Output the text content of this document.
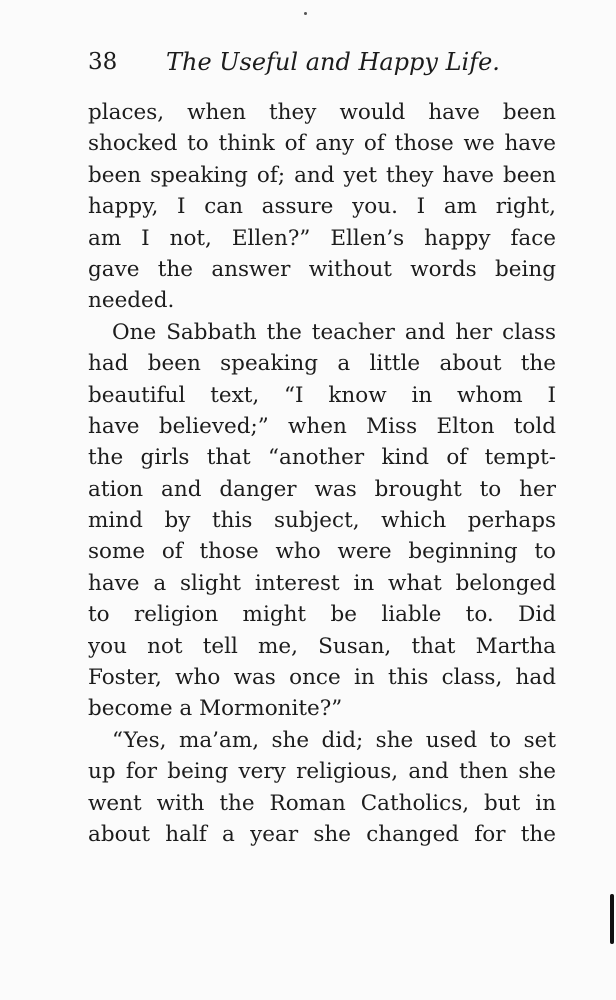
38 The Useful and Happy Life.
places, when they would have been
shocked to think of any of those we have
been speaking of; and yet they have been
happy, I can assure you. I am right,
am I not, Ellen?” Ellen’s happy face
gave the answer without words being
needed.
One Sabbath the teacher and her class
had been speaking a little about the
beautiful text, “I know in whom I
have believed;” when Miss Elton told
the girls that “another kind of tempt-
ation and danger was brought to her
mind by this subject, which perhaps
some of those who were beginning to
have a slight interest in what belonged
to religion might be liable to. Did
you not tell me, Susan, that Martha
Foster, who was once in this class, had
become a Mormonite?”
“Yes, ma’am, she did; she used to set
up for being very religious, and then she
went with the Roman Catholics, but in
about half a year she changed for the
